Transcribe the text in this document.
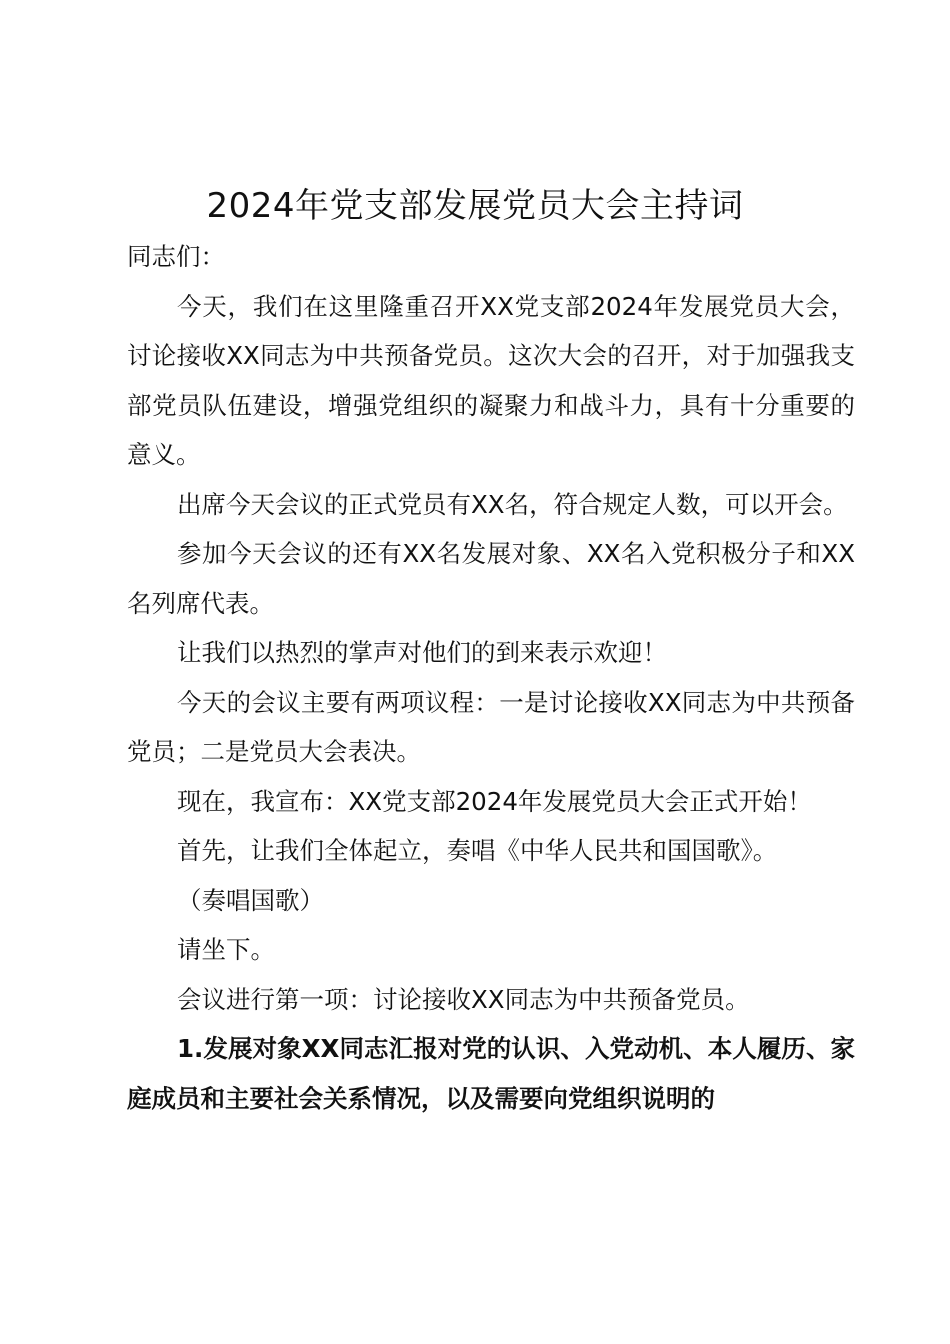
2024年党支部发展党员大会主持词

同志们：

今天，我们在这里隆重召开XX党支部2024年发展党员大会，讨论接收XX同志为中共预备党员。这次大会的召开，对于加强我支部党员队伍建设，增强党组织的凝聚力和战斗力，具有十分重要的意义。

出席今天会议的正式党员有XX名，符合规定人数，可以开会。

参加今天会议的还有XX名发展对象、XX名入党积极分子和XX名列席代表。

让我们以热烈的掌声对他们的到来表示欢迎！

今天的会议主要有两项议程：一是讨论接收XX同志为中共预备党员；二是党员大会表决。

现在，我宣布：XX党支部2024年发展党员大会正式开始！

首先，让我们全体起立，奏唱《中华人民共和国国歌》。

（奏唱国歌）

请坐下。

会议进行第一项：讨论接收XX同志为中共预备党员。

1.发展对象XX同志汇报对党的认识、入党动机、本人履历、家庭成员和主要社会关系情况，以及需要向党组织说明的
